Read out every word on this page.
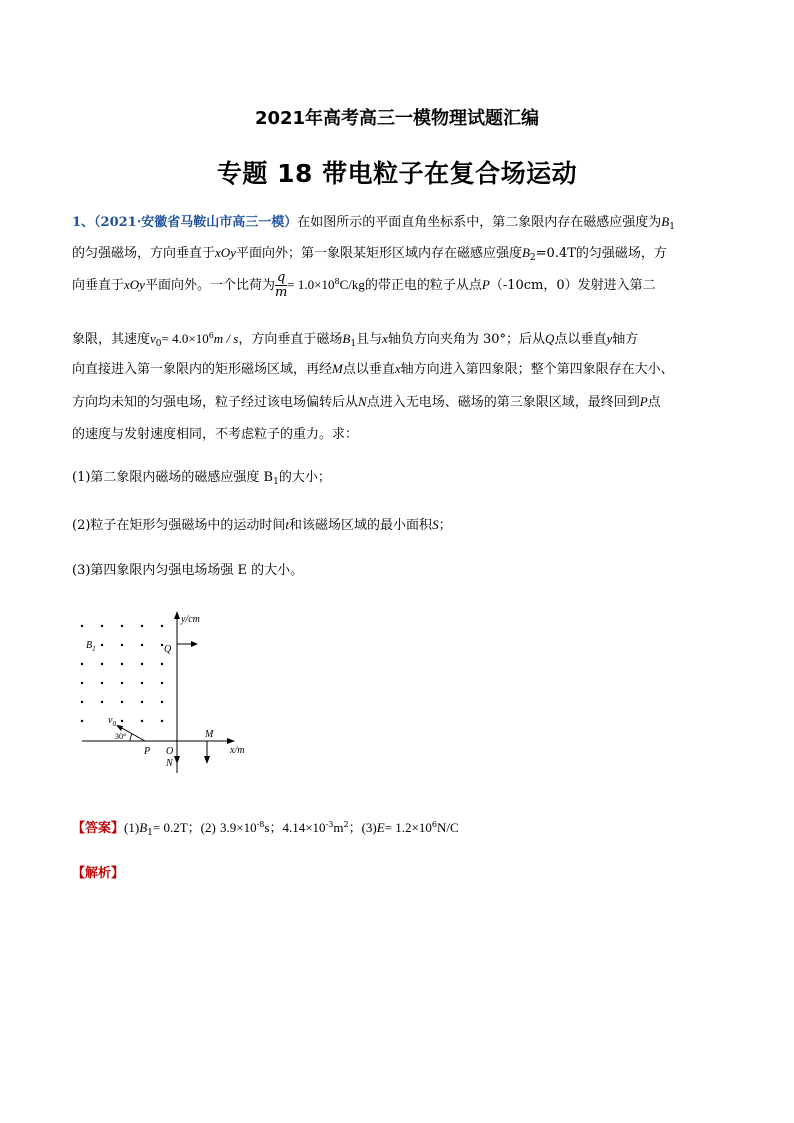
2021年高考高三一模物理试题汇编
专题 18 带电粒子在复合场运动
1、（2021·安徽省马鞍山市高三一模）在如图所示的平面直角坐标系中，第二象限内存在磁感应强度为$B_1$
的匀强磁场，方向垂直于xOy平面向外；第一象限某矩形区域内存在磁感应强度$B_2=0.4T$的匀强磁场，方
向垂直于xOy平面向外。一个比荷为 $\frac{q}{m} = 1.0\times 10^8C/kg$的带正电的粒子从点P（-10cm，0）发射进入第二
象限，其速度$v_0= 4.0\times 10^6m / s$，方向垂直于磁场$B_1$且与x轴负方向夹角为 30°；后从Q点以垂直y轴方
向直接进入第一象限内的矩形磁场区域，再经M点以垂直x轴方向进入第四象限；整个第四象限存在大小、
方向均未知的匀强电场，粒子经过该电场偏转后从N点进入无电场、磁场的第三象限区域，最终回到P点
的速度与发射速度相同，不考虑粒子的重力。求：
(1)第二象限内磁场的磁感应强度 $B_1$的大小；
(2)粒子在矩形匀强磁场中的运动时间t和该磁场区域的最小面积S；
(3)第四象限内匀强电场场强 E 的大小。
y/cm
x/m
$B_1$	Q
P O
N
M
$v_0$
30°
【答案】$(1)B_1= 0.2T$；(2) $3.9\times 10^{-8}s$；$4.14\times 10^{-3}m^2$；$(3)E= 1.2\times 10^6N/C$
【解析】
